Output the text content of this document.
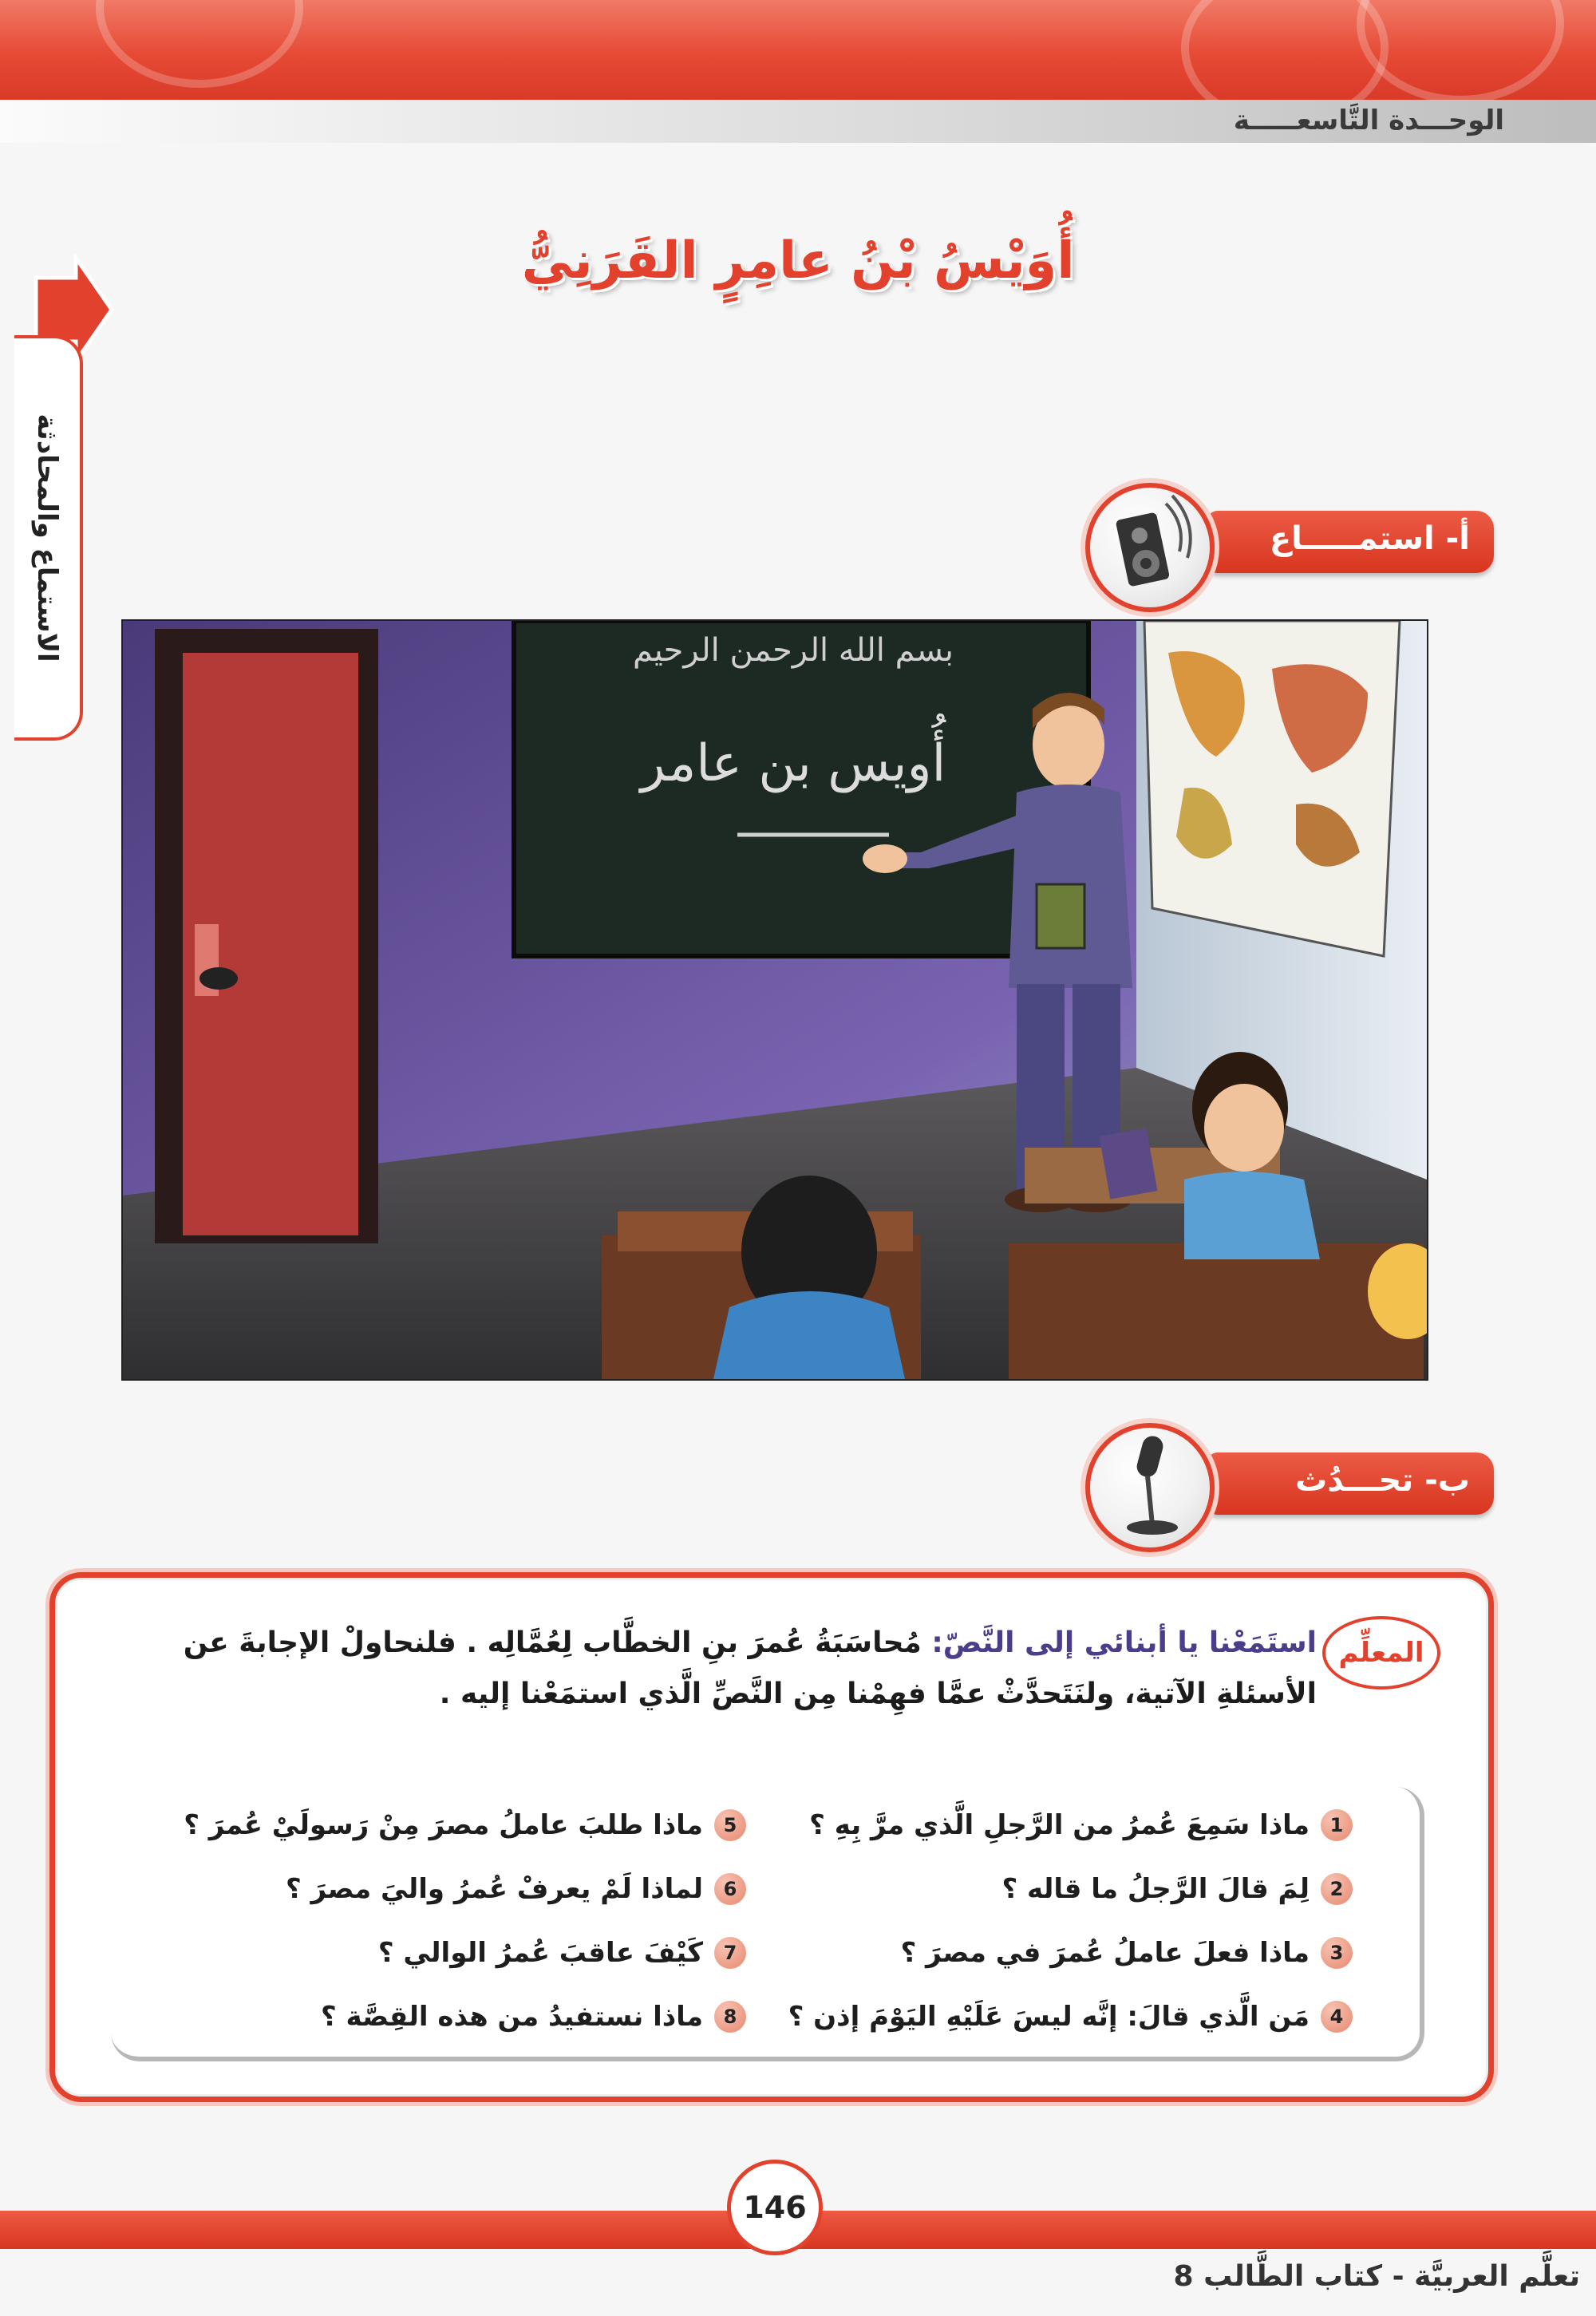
الوحـــدة التَّاسعـــــة
الاستماع والمحادثة
أُوَيْسُ بْنُ عامِرٍ القَرَنِيُّ
أ- استمـــــاع
بسم الله الرحمن الرحيم
أُويس بن عامر
ب- تحـــدُث
المعلِّم

استَمَعْنا يا أبنائي إلى النَّصّ: مُحاسَبَةُ عُمرَ بنِ الخطَّاب لِعُمَّالِه . فلنحاولْ الإجابةَ عن الأسئلةِ الآتية، ولنَتَحدَّثْ عمَّا فهِمْنا مِن النَّصِّ الَّذي استمَعْنا إليه .

1
ماذا سَمِعَ عُمرُ من الرَّجلِ الَّذي مرَّ بِهِ ؟
2
لِمَ قالَ الرَّجلُ ما قاله ؟
3
ماذا فعلَ عاملُ عُمرَ في مصرَ ؟
4
مَن الَّذي قالَ: إنَّه ليسَ عَلَيْهِ اليَوْمَ إذن ؟
5
ماذا طلبَ عاملُ مصرَ مِنْ رَسولَيْ عُمرَ ؟
6
لماذا لَمْ يعرفْ عُمرُ واليَ مصرَ ؟
7
كَيْفَ عاقبَ عُمرُ الوالي ؟
8
ماذا نستفيدُ من هذه القِصَّة ؟
146
تعلَّم العربيَّة - كتاب الطَّالب 8
